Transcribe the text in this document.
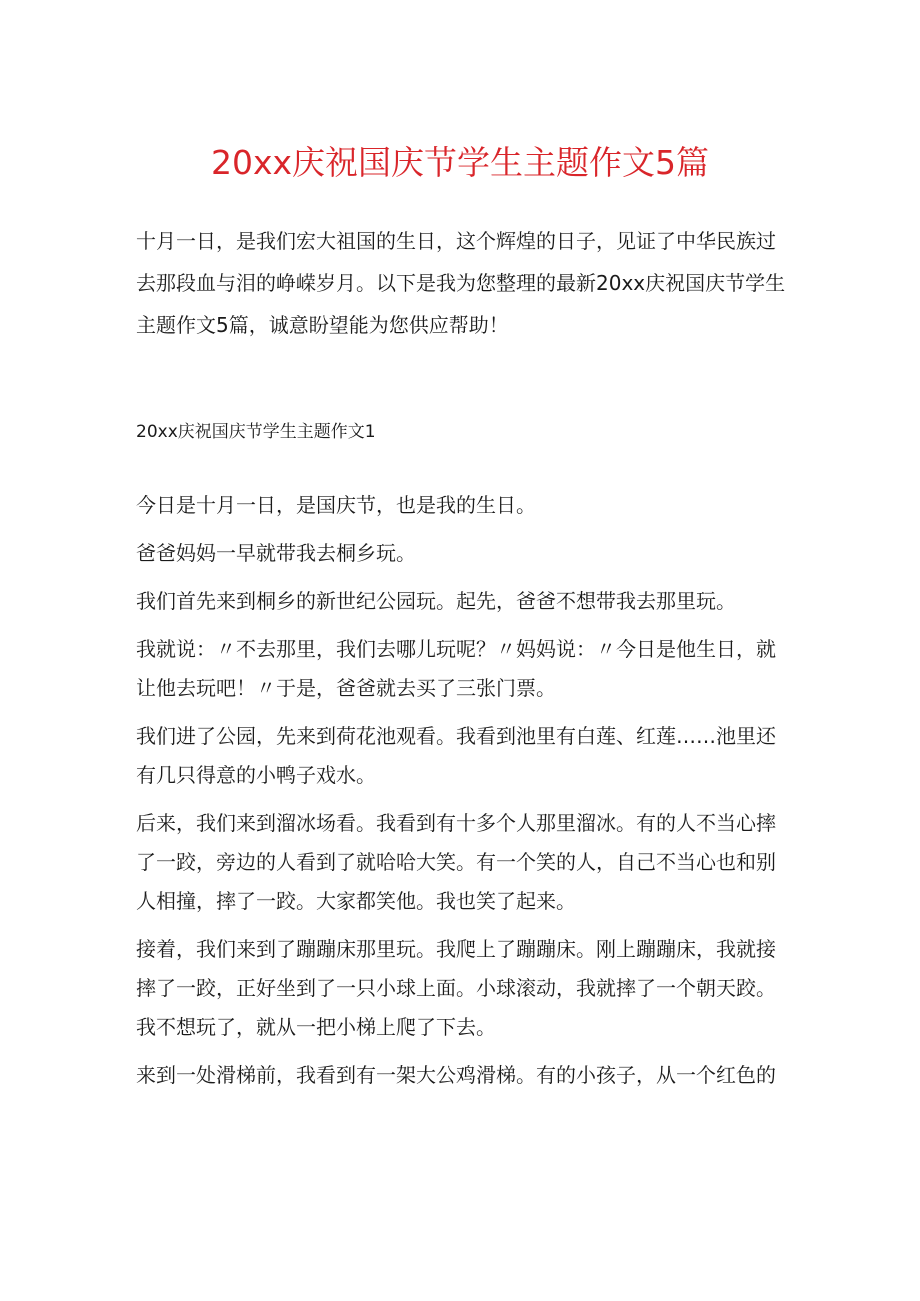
20xx庆祝国庆节学生主题作文5篇

十月一日，是我们宏大祖国的生日，这个辉煌的日子，见证了中华民族过去那段血与泪的峥嵘岁月。以下是我为您整理的最新20xx庆祝国庆节学生主题作文5篇，诚意盼望能为您供应帮助！

20xx庆祝国庆节学生主题作文1

今日是十月一日，是国庆节，也是我的生日。

爸爸妈妈一早就带我去桐乡玩。

我们首先来到桐乡的新世纪公园玩。起先，爸爸不想带我去那里玩。

我就说：〃不去那里，我们去哪儿玩呢？〃妈妈说：〃今日是他生日，就让他去玩吧！〃于是，爸爸就去买了三张门票。

我们进了公园，先来到荷花池观看。我看到池里有白莲、红莲……池里还有几只得意的小鸭子戏水。

后来，我们来到溜冰场看。我看到有十多个人那里溜冰。有的人不当心摔了一跤，旁边的人看到了就哈哈大笑。有一个笑的人，自己不当心也和别人相撞，摔了一跤。大家都笑他。我也笑了起来。

接着，我们来到了蹦蹦床那里玩。我爬上了蹦蹦床。刚上蹦蹦床，我就接摔了一跤，正好坐到了一只小球上面。小球滚动，我就摔了一个朝天跤。我不想玩了，就从一把小梯上爬了下去。

来到一处滑梯前，我看到有一架大公鸡滑梯。有的小孩子，从一个红色的
